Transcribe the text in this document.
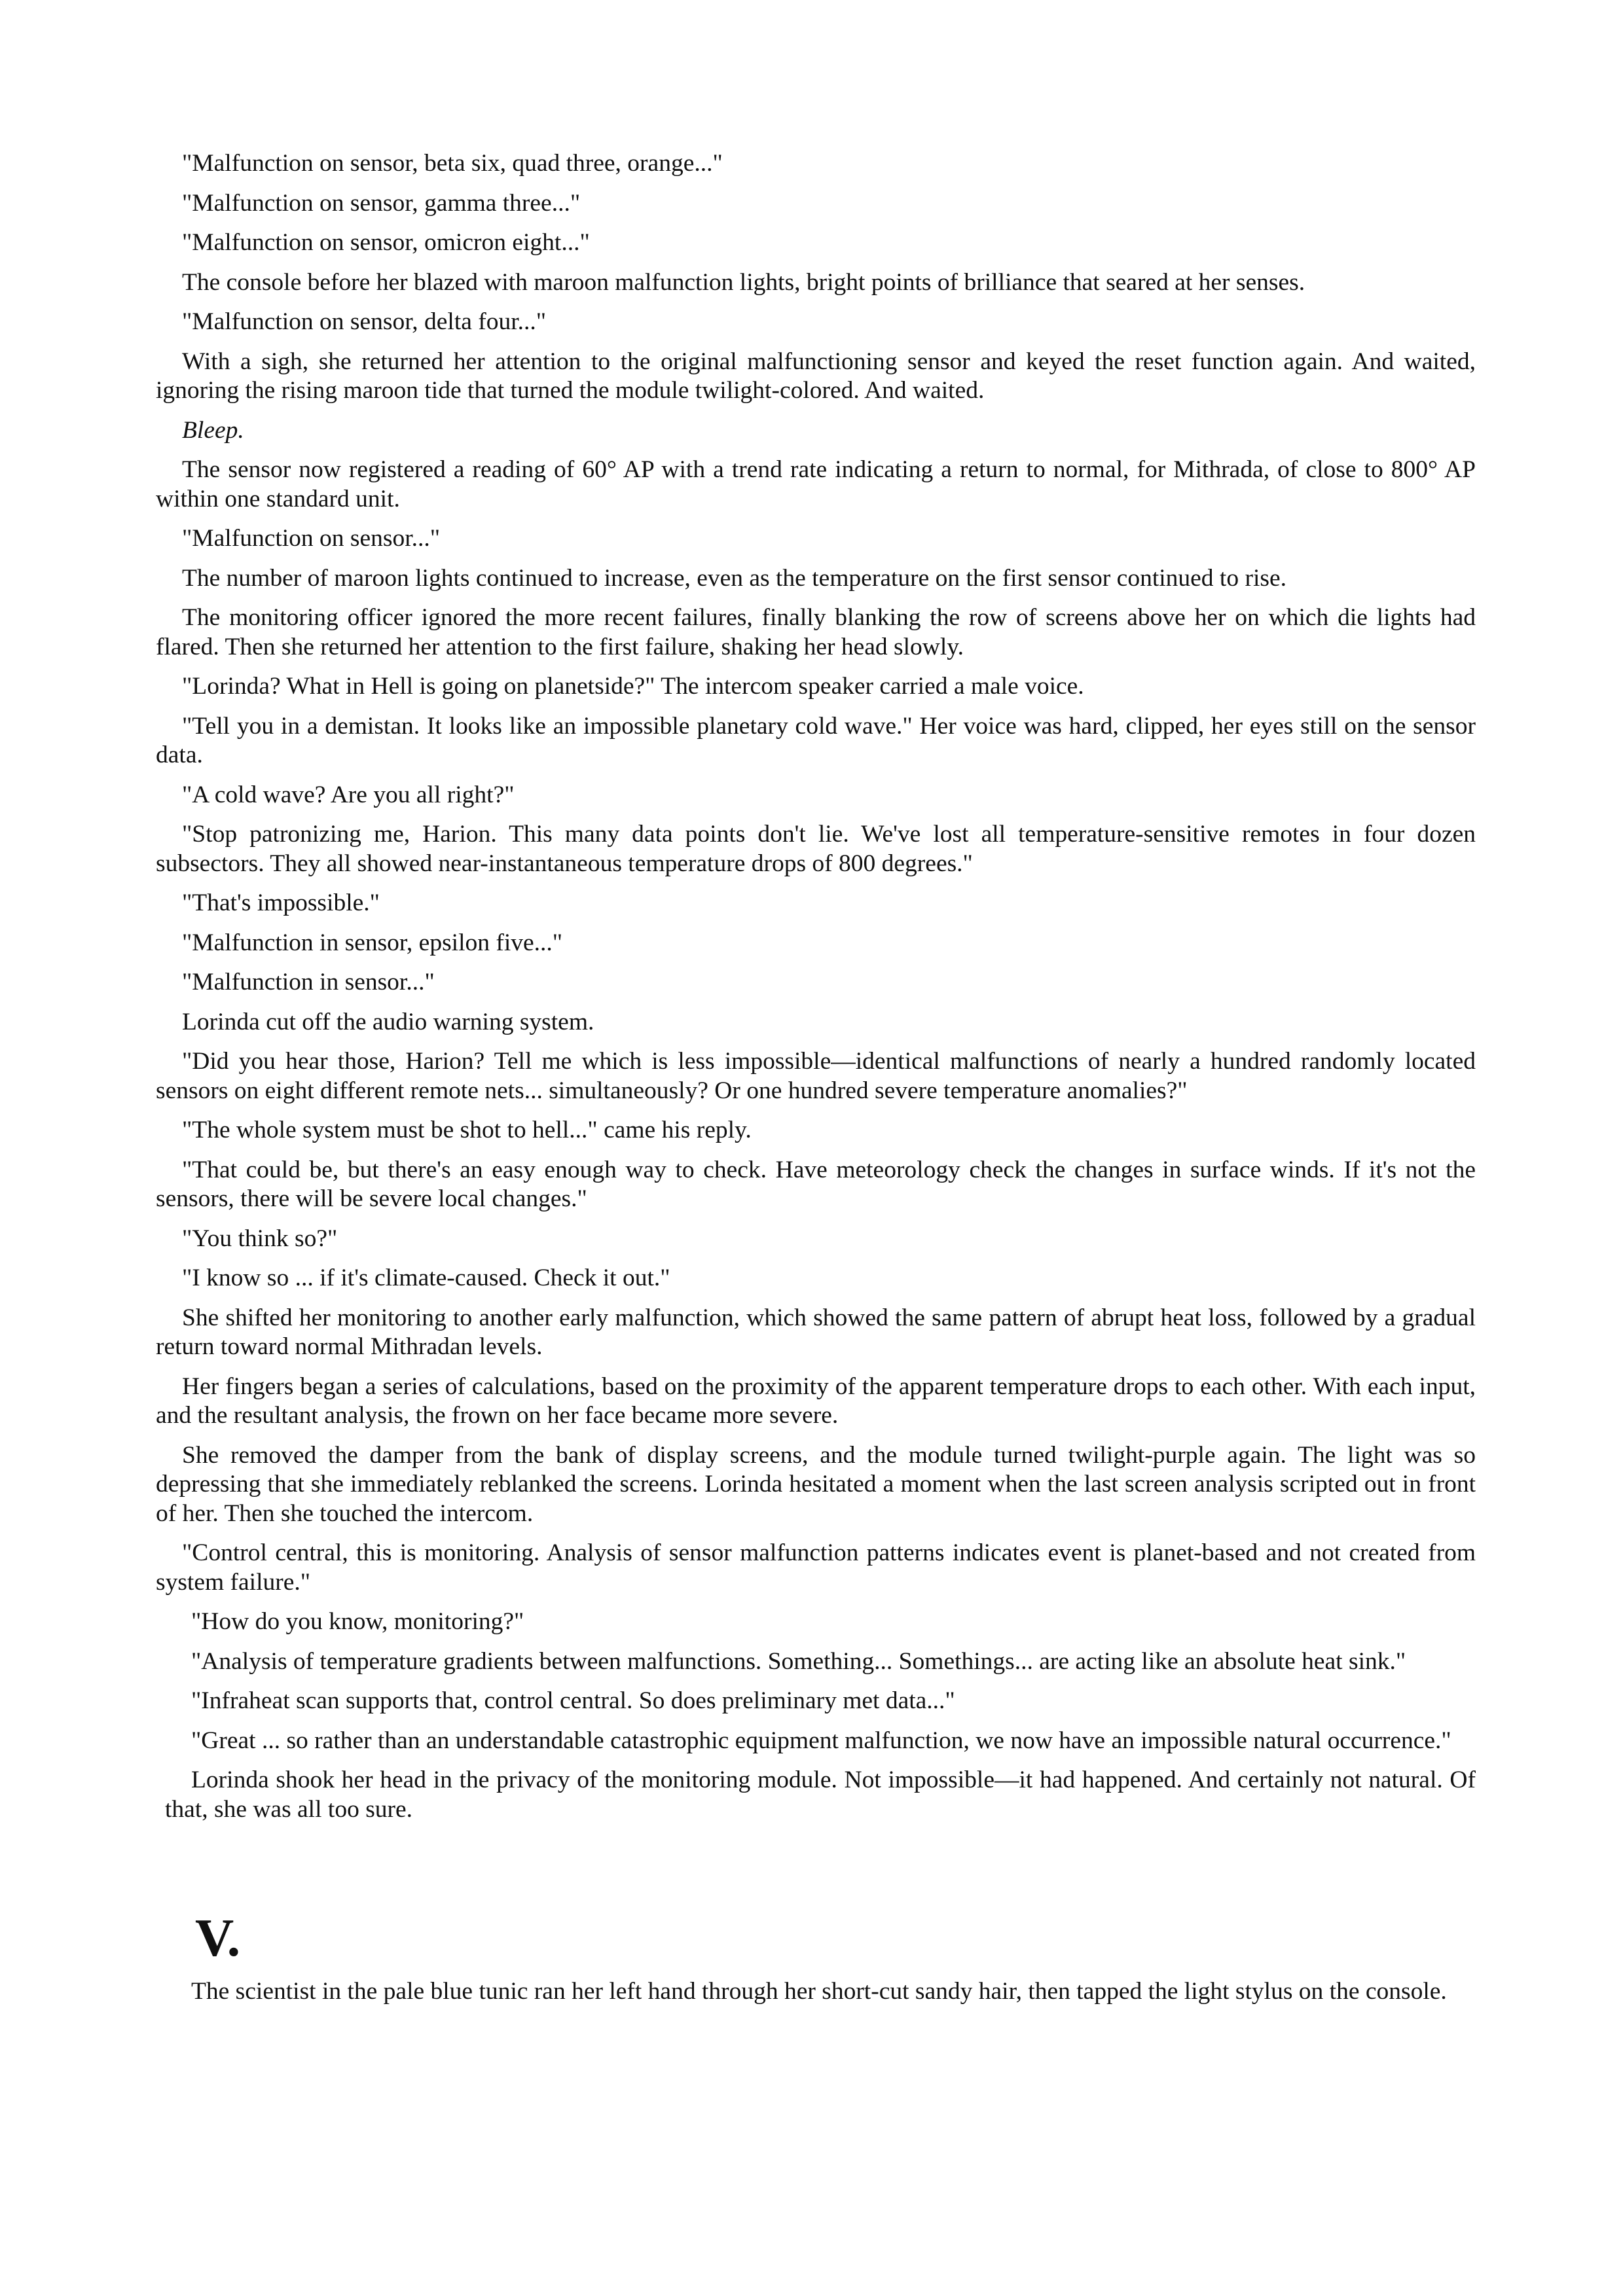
"Malfunction on sensor, beta six, quad three, orange..."

"Malfunction on sensor, gamma three..."

"Malfunction on sensor, omicron eight..."

The console before her blazed with maroon malfunction lights, bright points of brilliance that seared at her senses.

"Malfunction on sensor, delta four..."

With a sigh, she returned her attention to the original malfunctioning sensor and keyed the reset function again. And waited, ignoring the rising maroon tide that turned the module twilight-colored. And waited.

Bleep.

The sensor now registered a reading of 60° AP with a trend rate indicating a return to normal, for Mithrada, of close to 800° AP within one standard unit.

"Malfunction on sensor..."

The number of maroon lights continued to increase, even as the temperature on the first sensor continued to rise.

The monitoring officer ignored the more recent failures, finally blanking the row of screens above her on which die lights had flared. Then she returned her attention to the first failure, shaking her head slowly.

"Lorinda? What in Hell is going on planetside?" The intercom speaker carried a male voice.

"Tell you in a demistan. It looks like an impossible planetary cold wave." Her voice was hard, clipped, her eyes still on the sensor data.

"A cold wave? Are you all right?"

"Stop patronizing me, Harion. This many data points don't lie. We've lost all temperature-sensitive remotes in four dozen subsectors. They all showed near-instantaneous temperature drops of 800 degrees."

"That's impossible."

"Malfunction in sensor, epsilon five..."

"Malfunction in sensor..."

Lorinda cut off the audio warning system.

"Did you hear those, Harion? Tell me which is less impossible—identical malfunctions of nearly a hundred randomly located sensors on eight different remote nets... simultaneously? Or one hundred severe temperature anomalies?"

"The whole system must be shot to hell..." came his reply.

"That could be, but there's an easy enough way to check. Have meteorology check the changes in surface winds. If it's not the sensors, there will be severe local changes."

"You think so?"

"I know so ... if it's climate-caused. Check it out."

She shifted her monitoring to another early malfunction, which showed the same pattern of abrupt heat loss, followed by a gradual return toward normal Mithradan levels.

Her fingers began a series of calculations, based on the proximity of the apparent temperature drops to each other. With each input, and the resultant analysis, the frown on her face became more severe.

She removed the damper from the bank of display screens, and the module turned twilight-purple again. The light was so depressing that she immediately reblanked the screens. Lorinda hesitated a moment when the last screen analysis scripted out in front of her. Then she touched the intercom.

"Control central, this is monitoring. Analysis of sensor malfunction patterns indicates event is planet-based and not created from system failure."

"How do you know, monitoring?"

"Analysis of temperature gradients between malfunctions. Something... Somethings... are acting like an absolute heat sink."

"Infraheat scan supports that, control central. So does preliminary met data..."

"Great ... so rather than an understandable catastrophic equipment malfunction, we now have an impossible natural occurrence."

Lorinda shook her head in the privacy of the monitoring module. Not impossible—it had happened. And certainly not natural. Of that, she was all too sure.

V.

The scientist in the pale blue tunic ran her left hand through her short-cut sandy hair, then tapped the light stylus on the console.
